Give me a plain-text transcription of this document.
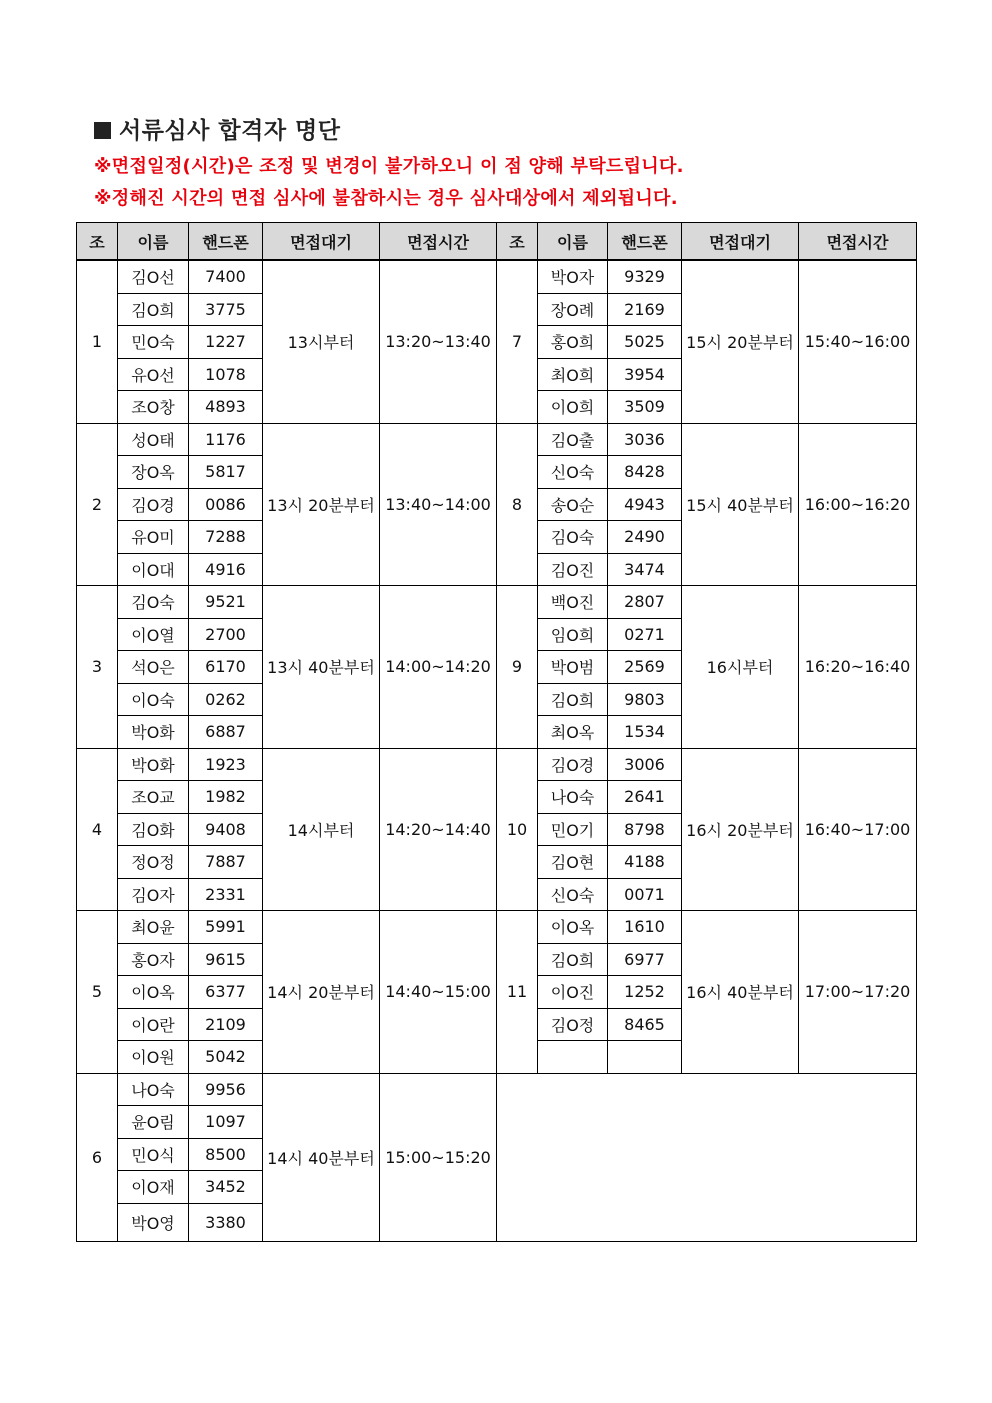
서류심사 합격자 명단
※면접일정(시간)은 조정 및 변경이 불가하오니 이 점 양해 부탁드립니다.
※정해진 시간의 면접 심사에 불참하시는 경우 심사대상에서 제외됩니다.
조	이름	핸드폰	면접대기	면접시간	조	이름	핸드폰	면접대기	면접시간
1	김O선	7400	13시부터	13:20~13:40	7	박O자	9329	15시 20분부터	15:40~16:00
	김O희	3775				장O례	2169		
	민O숙	1227				홍O희	5025		
	유O선	1078				최O희	3954		
	조O창	4893				이O희	3509		
2	성O태	1176	13시 20분부터	13:40~14:00	8	김O출	3036	15시 40분부터	16:00~16:20
	장O옥	5817				신O숙	8428		
	김O경	0086				송O순	4943		
	유O미	7288				김O숙	2490		
	이O대	4916				김O진	3474		
3	김O숙	9521	13시 40분부터	14:00~14:20	9	백O진	2807	16시부터	16:20~16:40
	이O열	2700				임O희	0271		
	석O은	6170				박O범	2569		
	이O숙	0262				김O희	9803		
	박O화	6887				최O옥	1534		
4	박O화	1923	14시부터	14:20~14:40	10	김O경	3006	16시 20분부터	16:40~17:00
	조O교	1982				나O숙	2641		
	김O화	9408				민O기	8798		
	정O정	7887				김O현	4188		
	김O자	2331				신O숙	0071		
5	최O윤	5991	14시 20분부터	14:40~15:00	11	이O옥	1610	16시 40분부터	17:00~17:20
	홍O자	9615				김O희	6977		
	이O옥	6377				이O진	1252		
	이O란	2109				김O정	8465		
	이O원	5042							
6	나O숙	9956	14시 40분부터	15:00~15:20					
	윤O림	1097							
	민O식	8500							
	이O재	3452							
	박O영	3380							
